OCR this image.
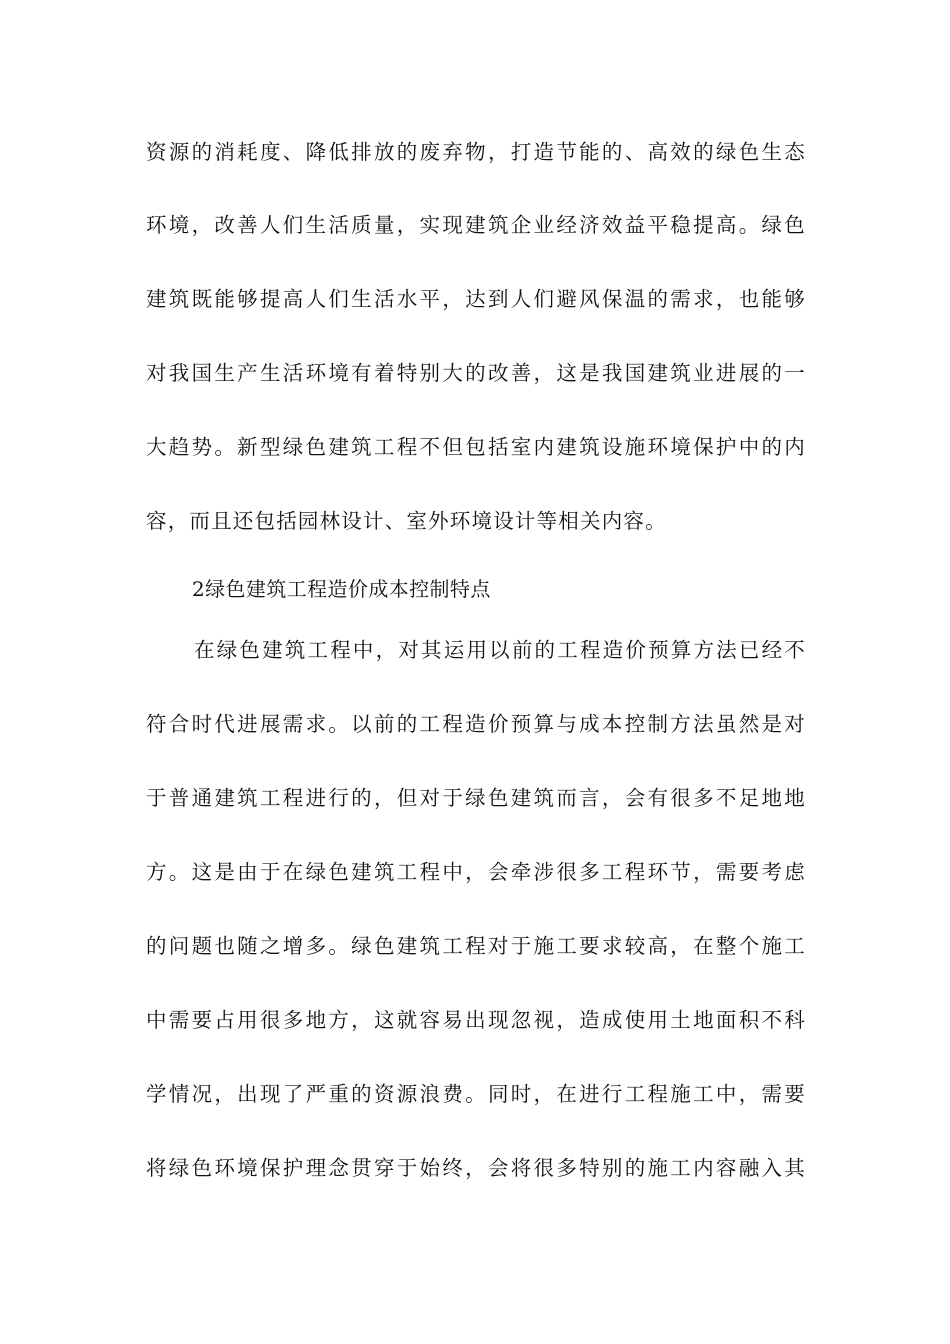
资源的消耗度、降低排放的废弃物，打造节能的、高效的绿色生态
环境，改善人们生活质量，实现建筑企业经济效益平稳提高。绿色
建筑既能够提高人们生活水平，达到人们避风保温的需求，也能够
对我国生产生活环境有着特别大的改善，这是我国建筑业进展的一
大趋势。新型绿色建筑工程不但包括室内建筑设施环境保护中的内
容，而且还包括园林设计、室外环境设计等相关内容。
2绿色建筑工程造价成本控制特点
在绿色建筑工程中，对其运用以前的工程造价预算方法已经不
符合时代进展需求。以前的工程造价预算与成本控制方法虽然是对
于普通建筑工程进行的，但对于绿色建筑而言，会有很多不足地地
方。这是由于在绿色建筑工程中，会牵涉很多工程环节，需要考虑
的问题也随之增多。绿色建筑工程对于施工要求较高，在整个施工
中需要占用很多地方，这就容易出现忽视，造成使用土地面积不科
学情况，出现了严重的资源浪费。同时，在进行工程施工中，需要
将绿色环境保护理念贯穿于始终，会将很多特别的施工内容融入其
